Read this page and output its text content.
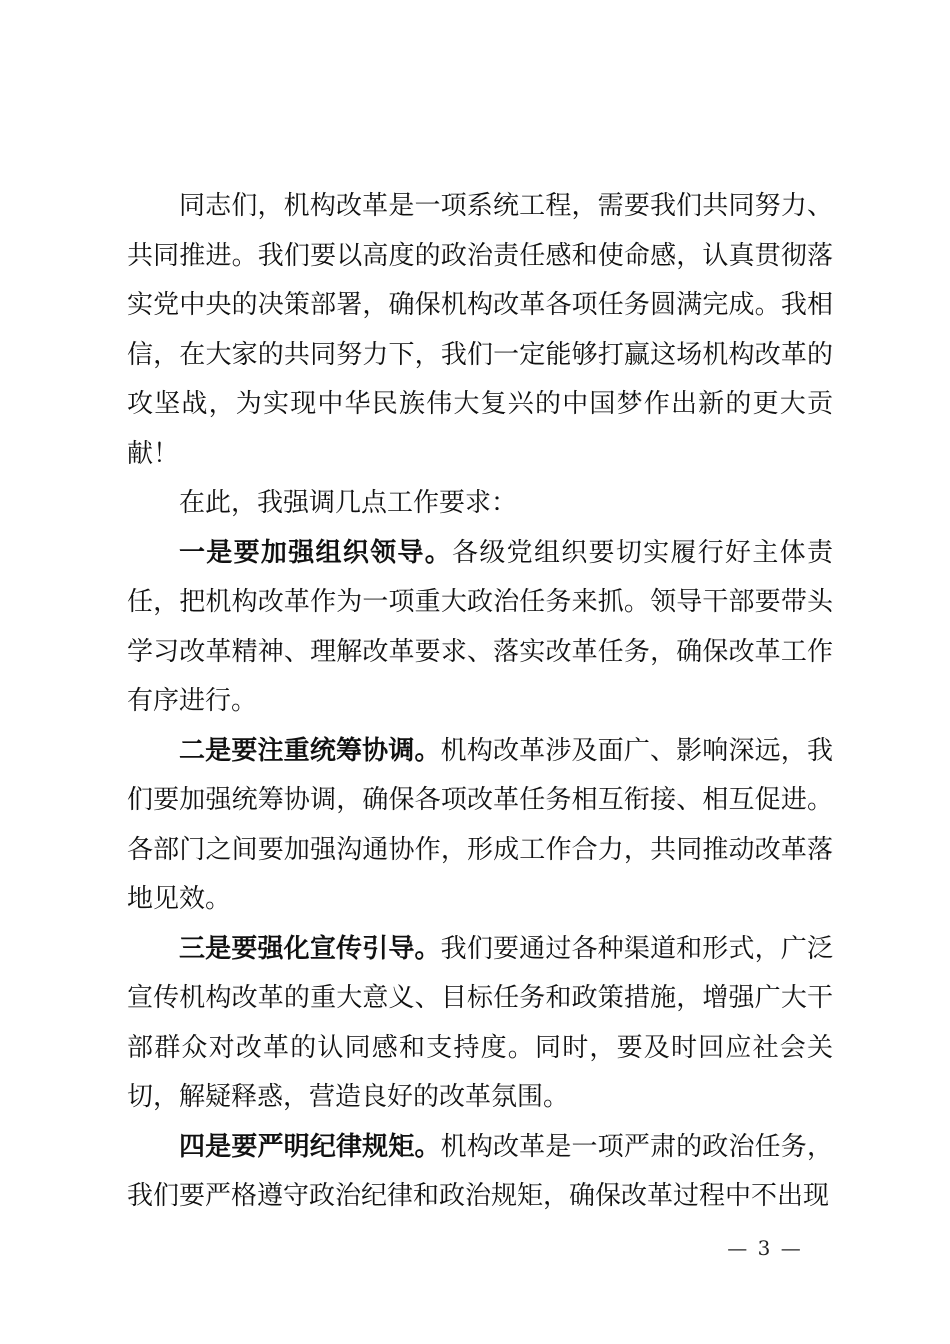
同志们，机构改革是一项系统工程，需要我们共同努力、共同推进。我们要以高度的政治责任感和使命感，认真贯彻落实党中央的决策部署，确保机构改革各项任务圆满完成。我相信，在大家的共同努力下，我们一定能够打赢这场机构改革的攻坚战，为实现中华民族伟大复兴的中国梦作出新的更大贡献！

在此，我强调几点工作要求：

一是要加强组织领导。各级党组织要切实履行好主体责任，把机构改革作为一项重大政治任务来抓。领导干部要带头学习改革精神、理解改革要求、落实改革任务，确保改革工作有序进行。

二是要注重统筹协调。机构改革涉及面广、影响深远，我们要加强统筹协调，确保各项改革任务相互衔接、相互促进。各部门之间要加强沟通协作，形成工作合力，共同推动改革落地见效。

三是要强化宣传引导。我们要通过各种渠道和形式，广泛宣传机构改革的重大意义、目标任务和政策措施，增强广大干部群众对改革的认同感和支持度。同时，要及时回应社会关切，解疑释惑，营造良好的改革氛围。

四是要严明纪律规矩。机构改革是一项严肃的政治任务，我们要严格遵守政治纪律和政治规矩，确保改革过程中不出现

— 3 —
